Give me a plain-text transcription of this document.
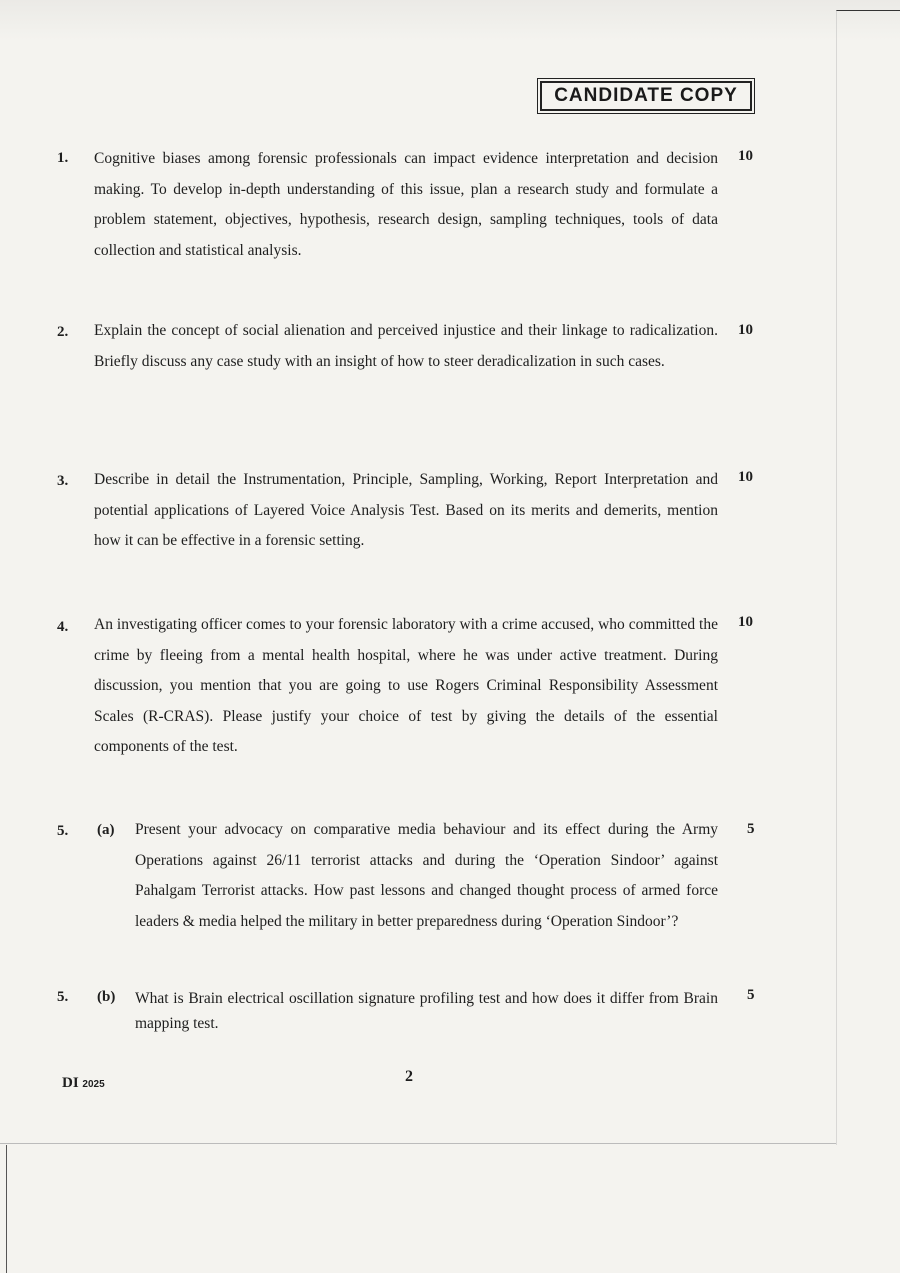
CANDIDATE COPY
1. Cognitive biases among forensic professionals can impact evidence interpretation and decision making. To develop in-depth understanding of this issue, plan a research study and formulate a problem statement, objectives, hypothesis, research design, sampling techniques, tools of data collection and statistical analysis.
10
2. Explain the concept of social alienation and perceived injustice and their linkage to radicalization. Briefly discuss any case study with an insight of how to steer deradicalization in such cases.
10
3. Describe in detail the Instrumentation, Principle, Sampling, Working, Report Interpretation and potential applications of Layered Voice Analysis Test. Based on its merits and demerits, mention how it can be effective in a forensic setting.
10
4. An investigating officer comes to your forensic laboratory with a crime accused, who committed the crime by fleeing from a mental health hospital, where he was under active treatment. During discussion, you mention that you are going to use Rogers Criminal Responsibility Assessment Scales (R-CRAS). Please justify your choice of test by giving the details of the essential components of the test.
10
5. (a) Present your advocacy on comparative media behaviour and its effect during the Army Operations against 26/11 terrorist attacks and during the ‘Operation Sindoor’ against Pahalgam Terrorist attacks. How past lessons and changed thought process of armed force leaders & media helped the military in better preparedness during ‘Operation Sindoor’?
5
5. (b) What is Brain electrical oscillation signature profiling test and how does it differ from Brain mapping test.
5
DI 2025	2
